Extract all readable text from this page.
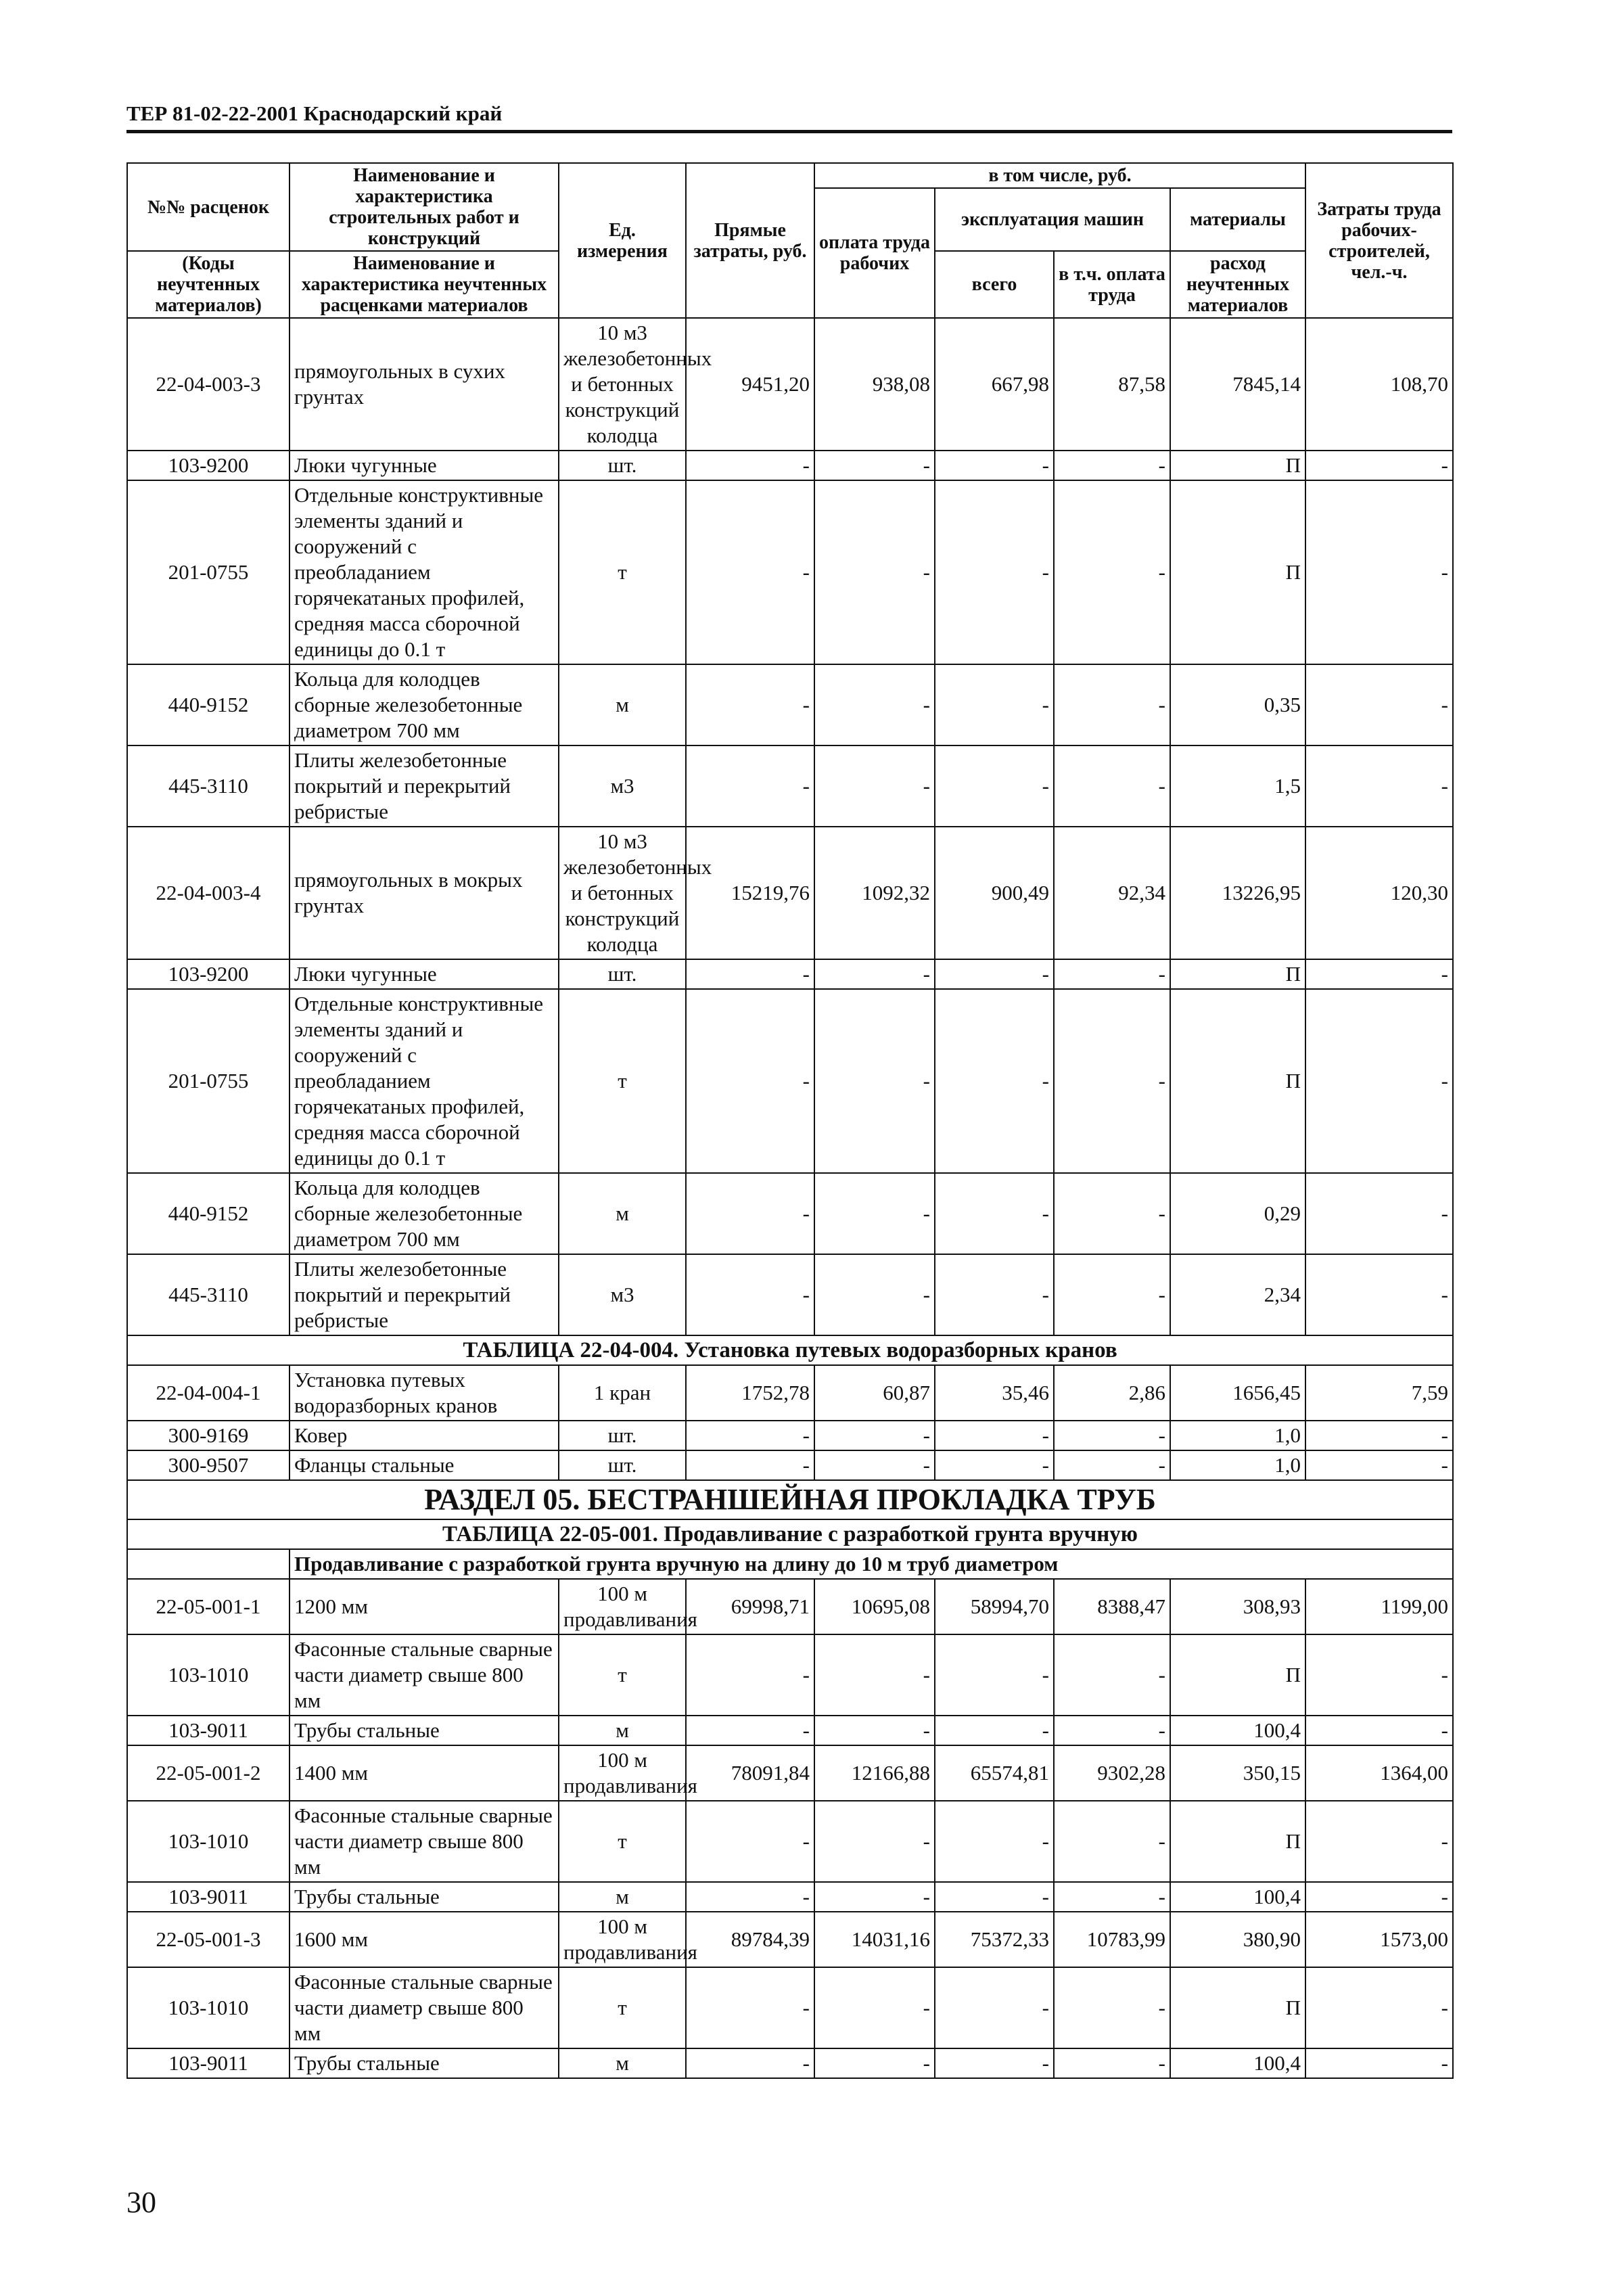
ТЕР 81-02-22-2001 Краснодарский край
№№ расценок	Наименование и характеристика строительных работ и конструкций	Ед. измерения	Прямые затраты, руб.	в том числе, руб.				Затраты труда рабочих-строителей, чел.-ч.
				оплата труда рабочих	эксплуатация машин		материалы	

(Коды неучтенных материалов)	Наименование и характеристика неучтенных расценками материалов				всего	в т.ч. оплата труда	расход неучтенных материалов	

22-04-003-3	прямоугольных в сухих грунтах	10 м3 железобетонных и бетонных конструкций колодца	9451,20	938,08	667,98	87,58	7845,14	108,70
103-9200	Люки чугунные	шт.	-	-	-	-	П	-
201-0755	Отдельные конструктивные элементы зданий и сооружений с преобладанием горячекатаных профилей, средняя масса сборочной единицы до 0.1 т	т	-	-	-	-	П	-
440-9152	Кольца для колодцев сборные железобетонные диаметром 700 мм	м	-	-	-	-	0,35	-
445-3110	Плиты железобетонные покрытий и перекрытий ребристые	м3	-	-	-	-	1,5	-
22-04-003-4	прямоугольных в мокрых грунтах	10 м3 железобетонных и бетонных конструкций колодца	15219,76	1092,32	900,49	92,34	13226,95	120,30
103-9200	Люки чугунные	шт.	-	-	-	-	П	-
201-0755	Отдельные конструктивные элементы зданий и сооружений с преобладанием горячекатаных профилей, средняя масса сборочной единицы до 0.1 т	т	-	-	-	-	П	-
440-9152	Кольца для колодцев сборные железобетонные диаметром 700 мм	м	-	-	-	-	0,29	-
445-3110	Плиты железобетонные покрытий и перекрытий ребристые	м3	-	-	-	-	2,34	-
ТАБЛИЦА 22-04-004. Установка путевых водоразборных кранов								
22-04-004-1	Установка путевых водоразборных кранов	1 кран	1752,78	60,87	35,46	2,86	1656,45	7,59
300-9169	Ковер	шт.	-	-	-	-	1,0	-
300-9507	Фланцы стальные	шт.	-	-	-	-	1,0	-
РАЗДЕЛ 05. БЕСТРАНШЕЙНАЯ ПРОКЛАДКА ТРУБ								
ТАБЛИЦА 22-05-001. Продавливание с разработкой грунта вручную								
	Продавливание с разработкой грунта вручную на длину до 10 м труб диаметром							
22-05-001-1	1200 мм	100 м продавливания	69998,71	10695,08	58994,70	8388,47	308,93	1199,00
103-1010	Фасонные стальные сварные части диаметр свыше 800 мм	т	-	-	-	-	П	-
103-9011	Трубы стальные	м	-	-	-	-	100,4	-
22-05-001-2	1400 мм	100 м продавливания	78091,84	12166,88	65574,81	9302,28	350,15	1364,00
103-1010	Фасонные стальные сварные части диаметр свыше 800 мм	т	-	-	-	-	П	-
103-9011	Трубы стальные	м	-	-	-	-	100,4	-
22-05-001-3	1600 мм	100 м продавливания	89784,39	14031,16	75372,33	10783,99	380,90	1573,00
103-1010	Фасонные стальные сварные части диаметр свыше 800 мм	т	-	-	-	-	П	-
103-9011	Трубы стальные	м	-	-	-	-	100,4	-
30
